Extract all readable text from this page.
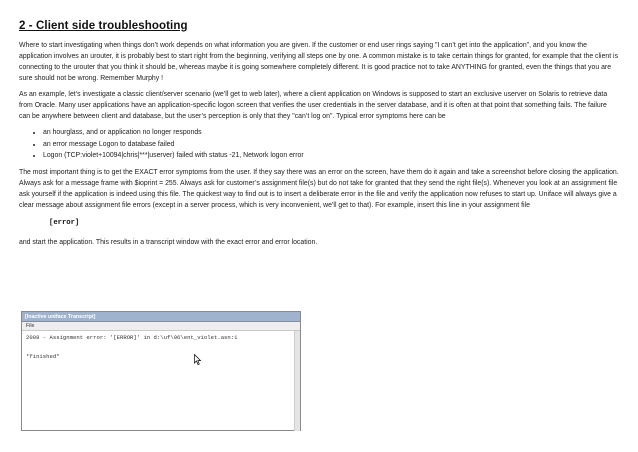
2 - Client side troubleshooting

Where to start investigating when things don’t work depends on what information you are given. If the customer or end user rings saying "I can’t get into the application", and you know the application involves an urouter, it is probably best to start right from the beginning, verifying all steps one by one. A common mistake is to take certain things for granted, for example that the client is connecting to the urouter that you think it should be, whereas maybe it is going somewhere completely different. It is good practice not to take ANYTHING for granted, even the things that you are sure should not be wrong. Remember Murphy !

As an example, let’s investigate a classic client/server scenario (we’ll get to web later), where a client application on Windows is supposed to start an exclusive userver on Solaris to retrieve data from Oracle. Many user applications have an application-specific logon screen that verifies the user credentials in the server database, and it is often at that point that something fails. The failure can be anywhere between client and database, but the user’s perception is only that they "can’t log on". Typical error symptoms here can be

• an hourglass, and or application no longer responds
• an error message Logon to database failed
• Logon (TCP:violet+10094|chris|***|userver) failed with status -21, Network logon error

The most important thing is to get the EXACT error symptoms from the user. If they say there was an error on the screen, have them do it again and take a screenshot before closing the application. Always ask for a message frame with $ioprint = 255. Always ask for customer’s assignment file(s) but do not take for granted that they send the right file(s). Whenever you look at an assignment file ask yourself if the application is indeed using this file. The quickest way to find out is to insert a deliberate error in the file and verify the application now refuses to start up. Uniface will always give a clear message about assignment file errors (except in a server process, which is very inconvenient, we’ll get to that). For example, insert this line in your assignment file

[error]

and start the application. This results in a transcript window with the exact error and error location.

[Inactive uniface Transcript]
File
2008 - Assignment error: '[ERROR]' in d:\uf\96\ent_violet.asn:1
*finished*
